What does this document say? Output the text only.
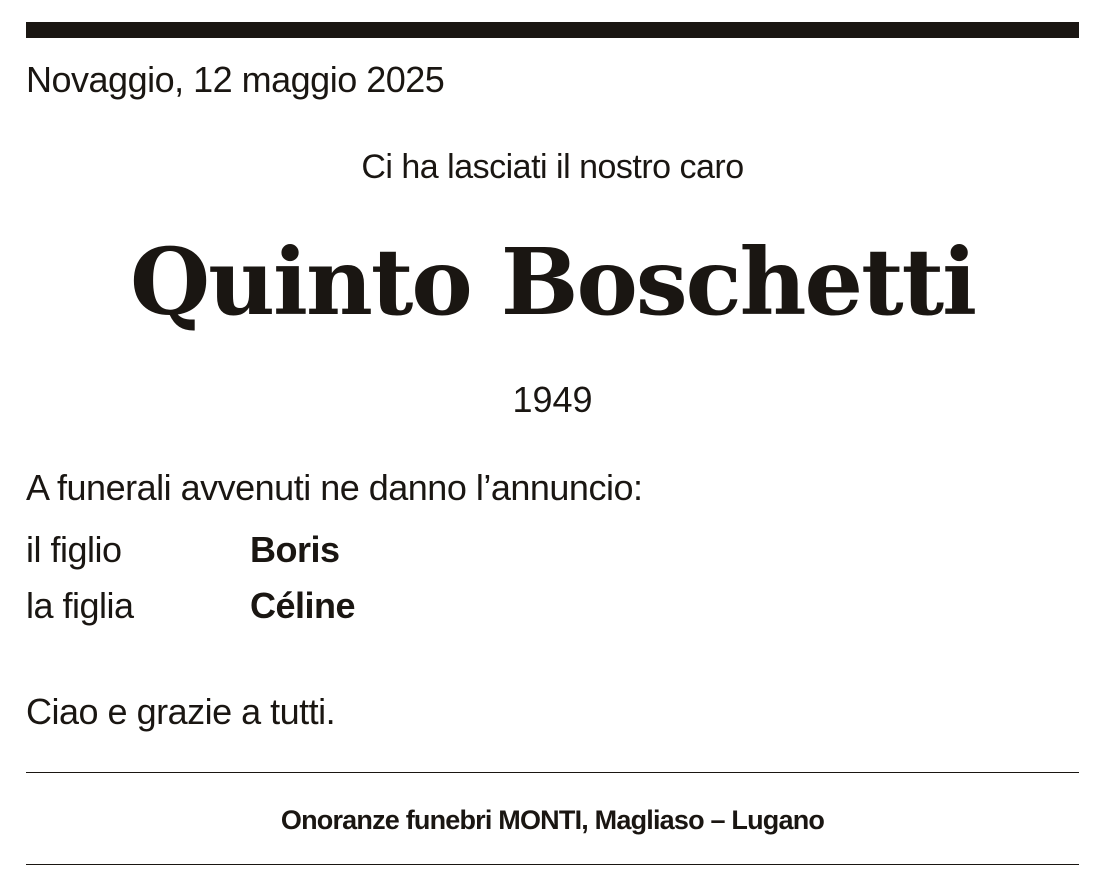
Novaggio, 12 maggio 2025
Ci ha lasciati il nostro caro
Quinto Boschetti
1949
A funerali avvenuti ne danno l’annuncio:
il figlio	Boris
la figlia	Céline
Ciao e grazie a tutti.
Onoranze funebri MONTI, Magliaso – Lugano
